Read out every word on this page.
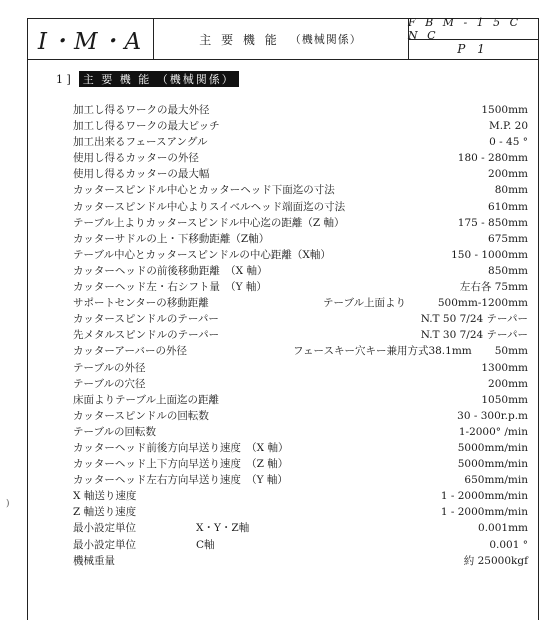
I・M・A	主 要 機 能 （機械関係）
F B M - 1 5 C N C
P 1
1 ]	主 要 機 能 （機械関係）
加工し得るワークの最大外径	1500mm
加工し得るワークの最大ピッチ	M.P. 20
加工出来るフェースアングル	0 - 45 °
使用し得るカッターの外径	180 - 280mm
使用し得るカッターの最大幅	200mm
カッタースピンドル中心とカッターヘッド下面迄の寸法	80mm
カッタースピンドル中心よりスイベルヘッド端面迄の寸法	610mm
テーブル上よりカッタースピンドル中心迄の距離（Z 軸）	175 - 850mm
カッターサドルの上・下移動距離（Z軸）	675mm
テーブル中心とカッタースピンドルの中心距離（X軸）	150 - 1000mm
カッターヘッドの前後移動距離　（X 軸）	850mm
カッターヘッド左・右シフト量　（Y 軸）	左右各 75mm
サポートセンターの移動距離	テーブル上面より	500mm-1200mm
カッタースピンドルのテーパー	N.T 50 7/24 テーパー
先メタルスピンドルのテーパー	N.T 30 7/24 テーパー
カッターアーバーの外径	フェースキー穴キー兼用方式38.1mm 50mm
テーブルの外径	1300mm
テーブルの穴径	200mm
床面よりテーブル上面迄の距離	1050mm
カッタースピンドルの回転数	30 - 300r.p.m
テーブルの回転数	1-2000° /min
カッターヘッド前後方向早送り速度　（X 軸）	5000mm/min
カッターヘッド上下方向早送り速度　（Z 軸）	5000mm/min
カッターヘッド左右方向早送り速度　（Y 軸）	650mm/min
X 軸送り速度	1 - 2000mm/min
Z 軸送り速度	1 - 2000mm/min
最小設定単位	X・Y・Z軸	0.001mm
最小設定単位	C軸	0.001 °
機械重量	約 25000kgf
)
